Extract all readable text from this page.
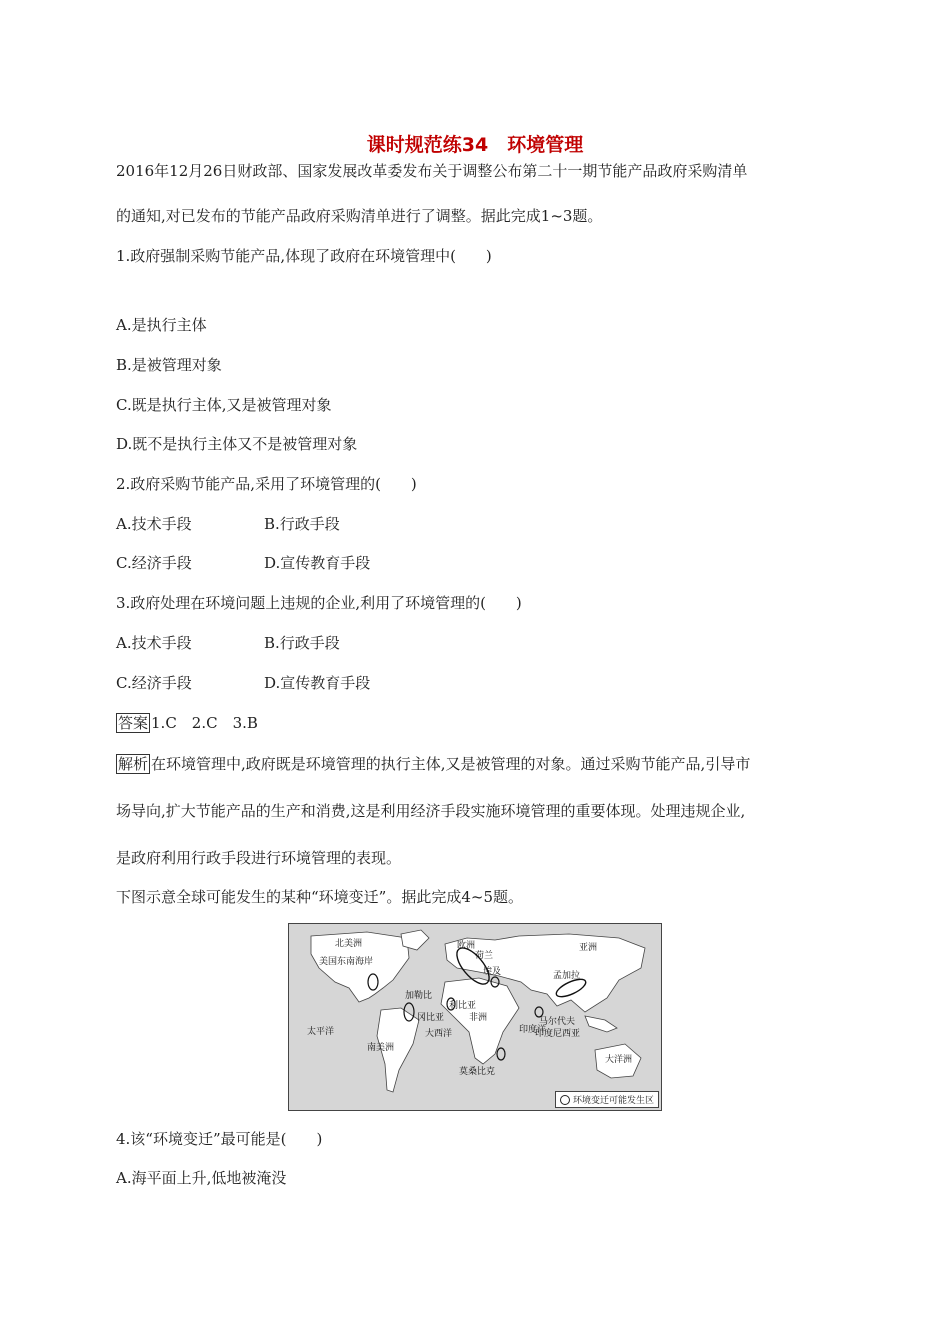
课时规范练34　环境管理
2016年12月26日财政部、国家发展改革委发布关于调整公布第二十一期节能产品政府采购清单
的通知,对已发布的节能产品政府采购清单进行了调整。据此完成1~3题。
1.政府强制采购节能产品,体现了政府在环境管理中(　　)
A.是执行主体
B.是被管理对象
C.既是执行主体,又是被管理对象
D.既不是执行主体又不是被管理对象
2.政府采购节能产品,采用了环境管理的(　　)
A.技术手段	B.行政手段
C.经济手段	D.宣传教育手段
3.政府处理在环境问题上违规的企业,利用了环境管理的(　　)
A.技术手段	B.行政手段
C.经济手段	D.宣传教育手段
答案 1.C　2.C　3.B
解析 在环境管理中,政府既是环境管理的执行主体,又是被管理的对象。通过采购节能产品,引导市
场导向,扩大节能产品的生产和消费,这是利用经济手段实施环境管理的重要体现。处理违规企业,
是政府利用行政手段进行环境管理的表现。
下图示意全球可能发生的某种“环境变迁”。据此完成4~5题。
北美洲
美国东南海岸
太平洋
加勒比
南美洲
大西洋
欧洲
荷兰
埃及
亚洲
孟加拉
印度尼西亚
马尔代夫
莫桑比克
利比亚
非洲
印度洋
大洋洲
冈比亚
环境变迁可能发生区
4.该“环境变迁”最可能是(　　)
A.海平面上升,低地被淹没
